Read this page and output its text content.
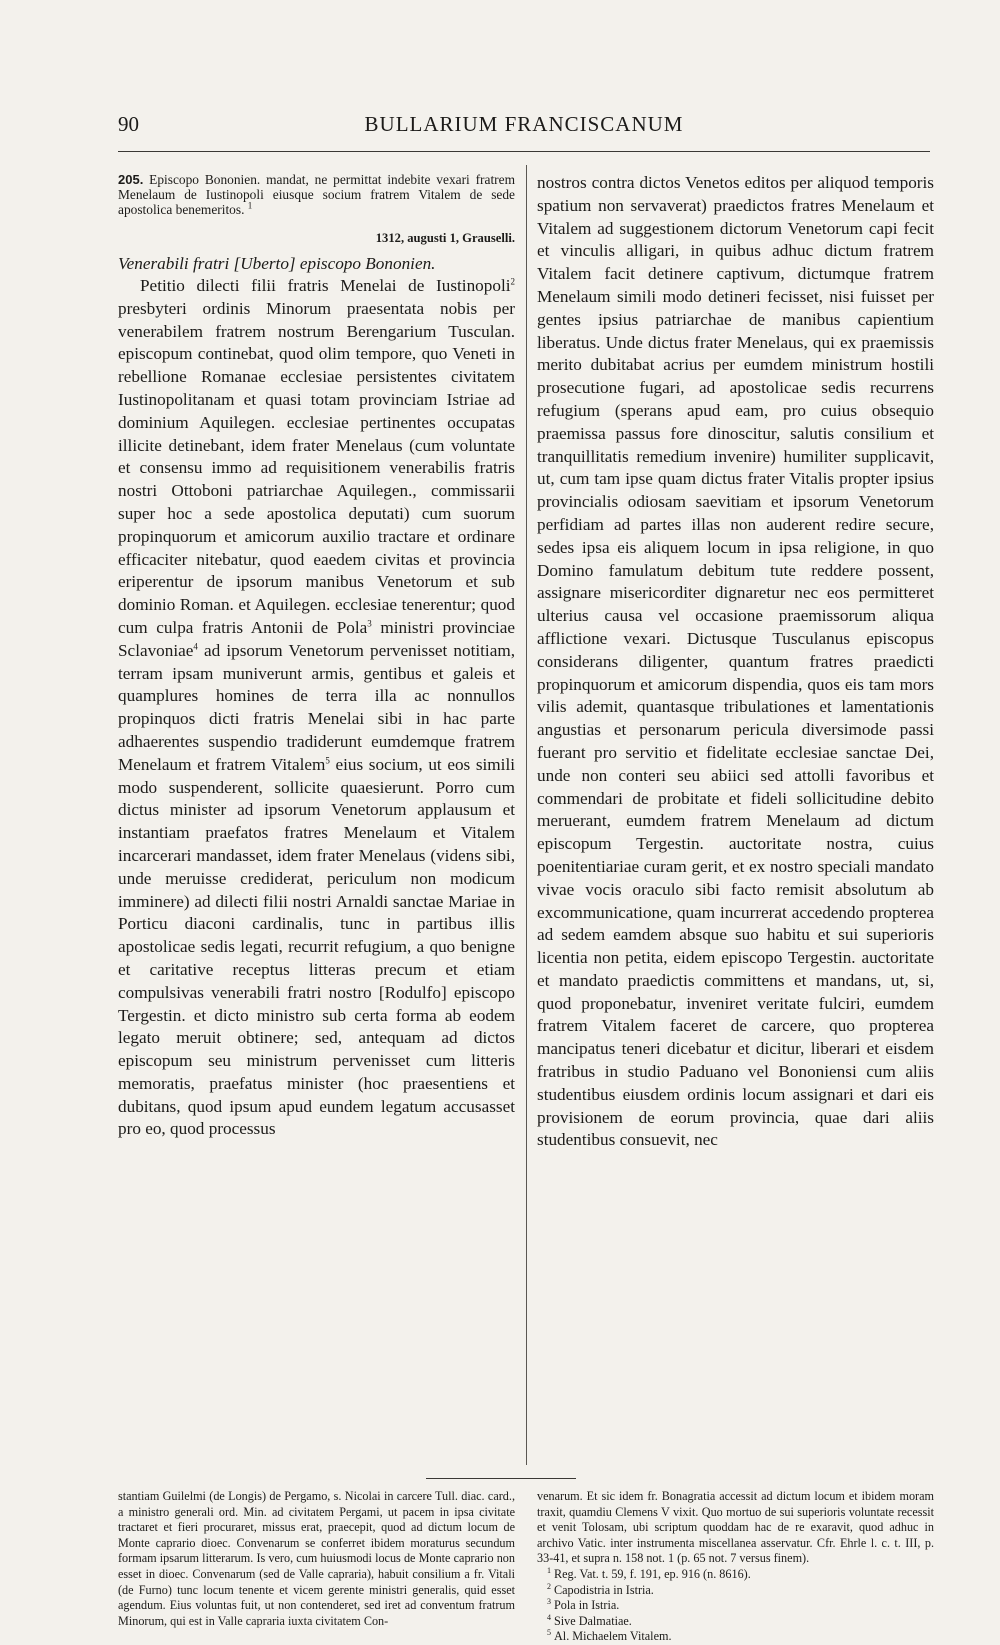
90	BULLARIUM FRANCISCANUM

205. Episcopo Bononien. mandat, ne permittat indebite vexari fratrem Menelaum de Iustinopoli eiusque socium fratrem Vitalem de sede apostolica benemeritos. $^1$

1312, augusti 1, Grauselli.

Venerabili fratri [Uberto] episcopo Bononien.

Petitio dilecti filii fratris Menelai de Iustinopoli$^2$ presbyteri ordinis Minorum praesentata nobis per venerabilem fratrem nostrum Berengarium Tusculan. episcopum continebat, quod olim tempore, quo Veneti in rebellione Romanae ecclesiae persistentes civitatem Iustinopolitanam et quasi totam provinciam Istriae ad dominium Aquilegen. ecclesiae pertinentes occupatas illicite detinebant, idem frater Menelaus (cum voluntate et consensu immo ad requisitionem venerabilis fratris nostri Ottoboni patriarchae Aquilegen., commissarii super hoc a sede apostolica deputati) cum suorum propinquorum et amicorum auxilio tractare et ordinare efficaciter nitebatur, quod eaedem civitas et provincia eriperentur de ipsorum manibus Venetorum et sub dominio Roman. et Aquilegen. ecclesiae tenerentur; quod cum culpa fratris Antonii de Pola$^3$ ministri provinciae Sclavoniae$^4$ ad ipsorum Venetorum pervenisset notitiam, terram ipsam muniverunt armis, gentibus et galeis et quamplures homines de terra illa ac nonnullos propinquos dicti fratris Menelai sibi in hac parte adhaerentes suspendio tradiderunt eumdemque fratrem Menelaum et fratrem Vitalem$^5$ eius socium, ut eos simili modo suspenderent, sollicite quaesierunt. Porro cum dictus minister ad ipsorum Venetorum applausum et instantiam praefatos fratres Menelaum et Vitalem incarcerari mandasset, idem frater Menelaus (videns sibi, unde meruisse crediderat, periculum non modicum imminere) ad dilecti filii nostri Arnaldi sanctae Mariae in Porticu diaconi cardinalis, tunc in partibus illis apostolicae sedis legati, recurrit refugium, a quo benigne et caritative receptus litteras precum et etiam compulsivas venerabili fratri nostro [Rodulfo] episcopo Tergestin. et dicto ministro sub certa forma ab eodem legato meruit obtinere; sed, antequam ad dictos episcopum seu ministrum pervenisset cum litteris memoratis, praefatus minister (hoc praesentiens et dubitans, quod ipsum apud eundem legatum accusasset pro eo, quod processus

nostros contra dictos Venetos editos per aliquod temporis spatium non servaverat) praedictos fratres Menelaum et Vitalem ad suggestionem dictorum Venetorum capi fecit et vinculis alligari, in quibus adhuc dictum fratrem Vitalem facit detinere captivum, dictumque fratrem Menelaum simili modo detineri fecisset, nisi fuisset per gentes ipsius patriarchae de manibus capientium liberatus. Unde dictus frater Menelaus, qui ex praemissis merito dubitabat acrius per eumdem ministrum hostili prosecutione fugari, ad apostolicae sedis recurrens refugium (sperans apud eam, pro cuius obsequio praemissa passus fore dinoscitur, salutis consilium et tranquillitatis remedium invenire) humiliter supplicavit, ut, cum tam ipse quam dictus frater Vitalis propter ipsius provincialis odiosam saevitiam et ipsorum Venetorum perfidiam ad partes illas non auderent redire secure, sedes ipsa eis aliquem locum in ipsa religione, in quo Domino famulatum debitum tute reddere possent, assignare misericorditer dignaretur nec eos permitteret ulterius causa vel occasione praemissorum aliqua afflictione vexari. Dictusque Tusculanus episcopus considerans diligenter, quantum fratres praedicti propinquorum et amicorum dispendia, quos eis tam mors vilis ademit, quantasque tribulationes et lamentationis angustias et personarum pericula diversimode passi fuerant pro servitio et fidelitate ecclesiae sanctae Dei, unde non conteri seu abiici sed attolli favoribus et commendari de probitate et fideli sollicitudine debito meruerant, eumdem fratrem Menelaum ad dictum episcopum Tergestin. auctoritate nostra, cuius poenitentiariae curam gerit, et ex nostro speciali mandato vivae vocis oraculo sibi facto remisit absolutum ab excommunicatione, quam incurrerat accedendo propterea ad sedem eamdem absque suo habitu et sui superioris licentia non petita, eidem episcopo Tergestin. auctoritate et mandato praedictis committens et mandans, ut, si, quod proponebatur, inveniret veritate fulciri, eumdem fratrem Vitalem faceret de carcere, quo propterea mancipatus teneri dicebatur et dicitur, liberari et eisdem fratribus in studio Paduano vel Bononiensi cum aliis studentibus eiusdem ordinis locum assignari et dari eis provisionem de eorum provincia, quae dari aliis studentibus consuevit, nec

stantiam Guilelmi (de Longis) de Pergamo, s. Nicolai in carcere Tull. diac. card., a ministro generali ord. Min. ad civitatem Pergami, ut pacem in ipsa civitate tractaret et fieri procuraret, missus erat, praecepit, quod ad dictum locum de Monte caprario dioec. Convenarum se conferret ibidem moraturus secundum formam ipsarum litterarum. Is vero, cum huiusmodi locus de Monte caprario non esset in dioec. Convenarum (sed de Valle capraria), habuit consilium a fr. Vitali (de Furno) tunc locum tenente et vicem gerente ministri generalis, quid esset agendum. Eius voluntas fuit, ut non contenderet, sed iret ad conventum fratrum Minorum, qui est in Valle capraria iuxta civitatem Con-

venarum. Et sic idem fr. Bonagratia accessit ad dictum locum et ibidem moram traxit, quamdiu Clemens V vixit. Quo mortuo de sui superioris voluntate recessit et venit Tolosam, ubi scriptum quoddam hac de re exaravit, quod adhuc in archivo Vatic. inter instrumenta miscellanea asservatur. Cfr. Ehrle l. c. t. III, p. 33-41, et supra n. 158 not. 1 (p. 65 not. 7 versus finem).

$^1$ Reg. Vat. t. 59, f. 191, ep. 916 (n. 8616).
$^2$ Capodistria in Istria.
$^3$ Pola in Istria.
$^4$ Sive Dalmatiae.
$^5$ Al. Michaelem Vitalem.
